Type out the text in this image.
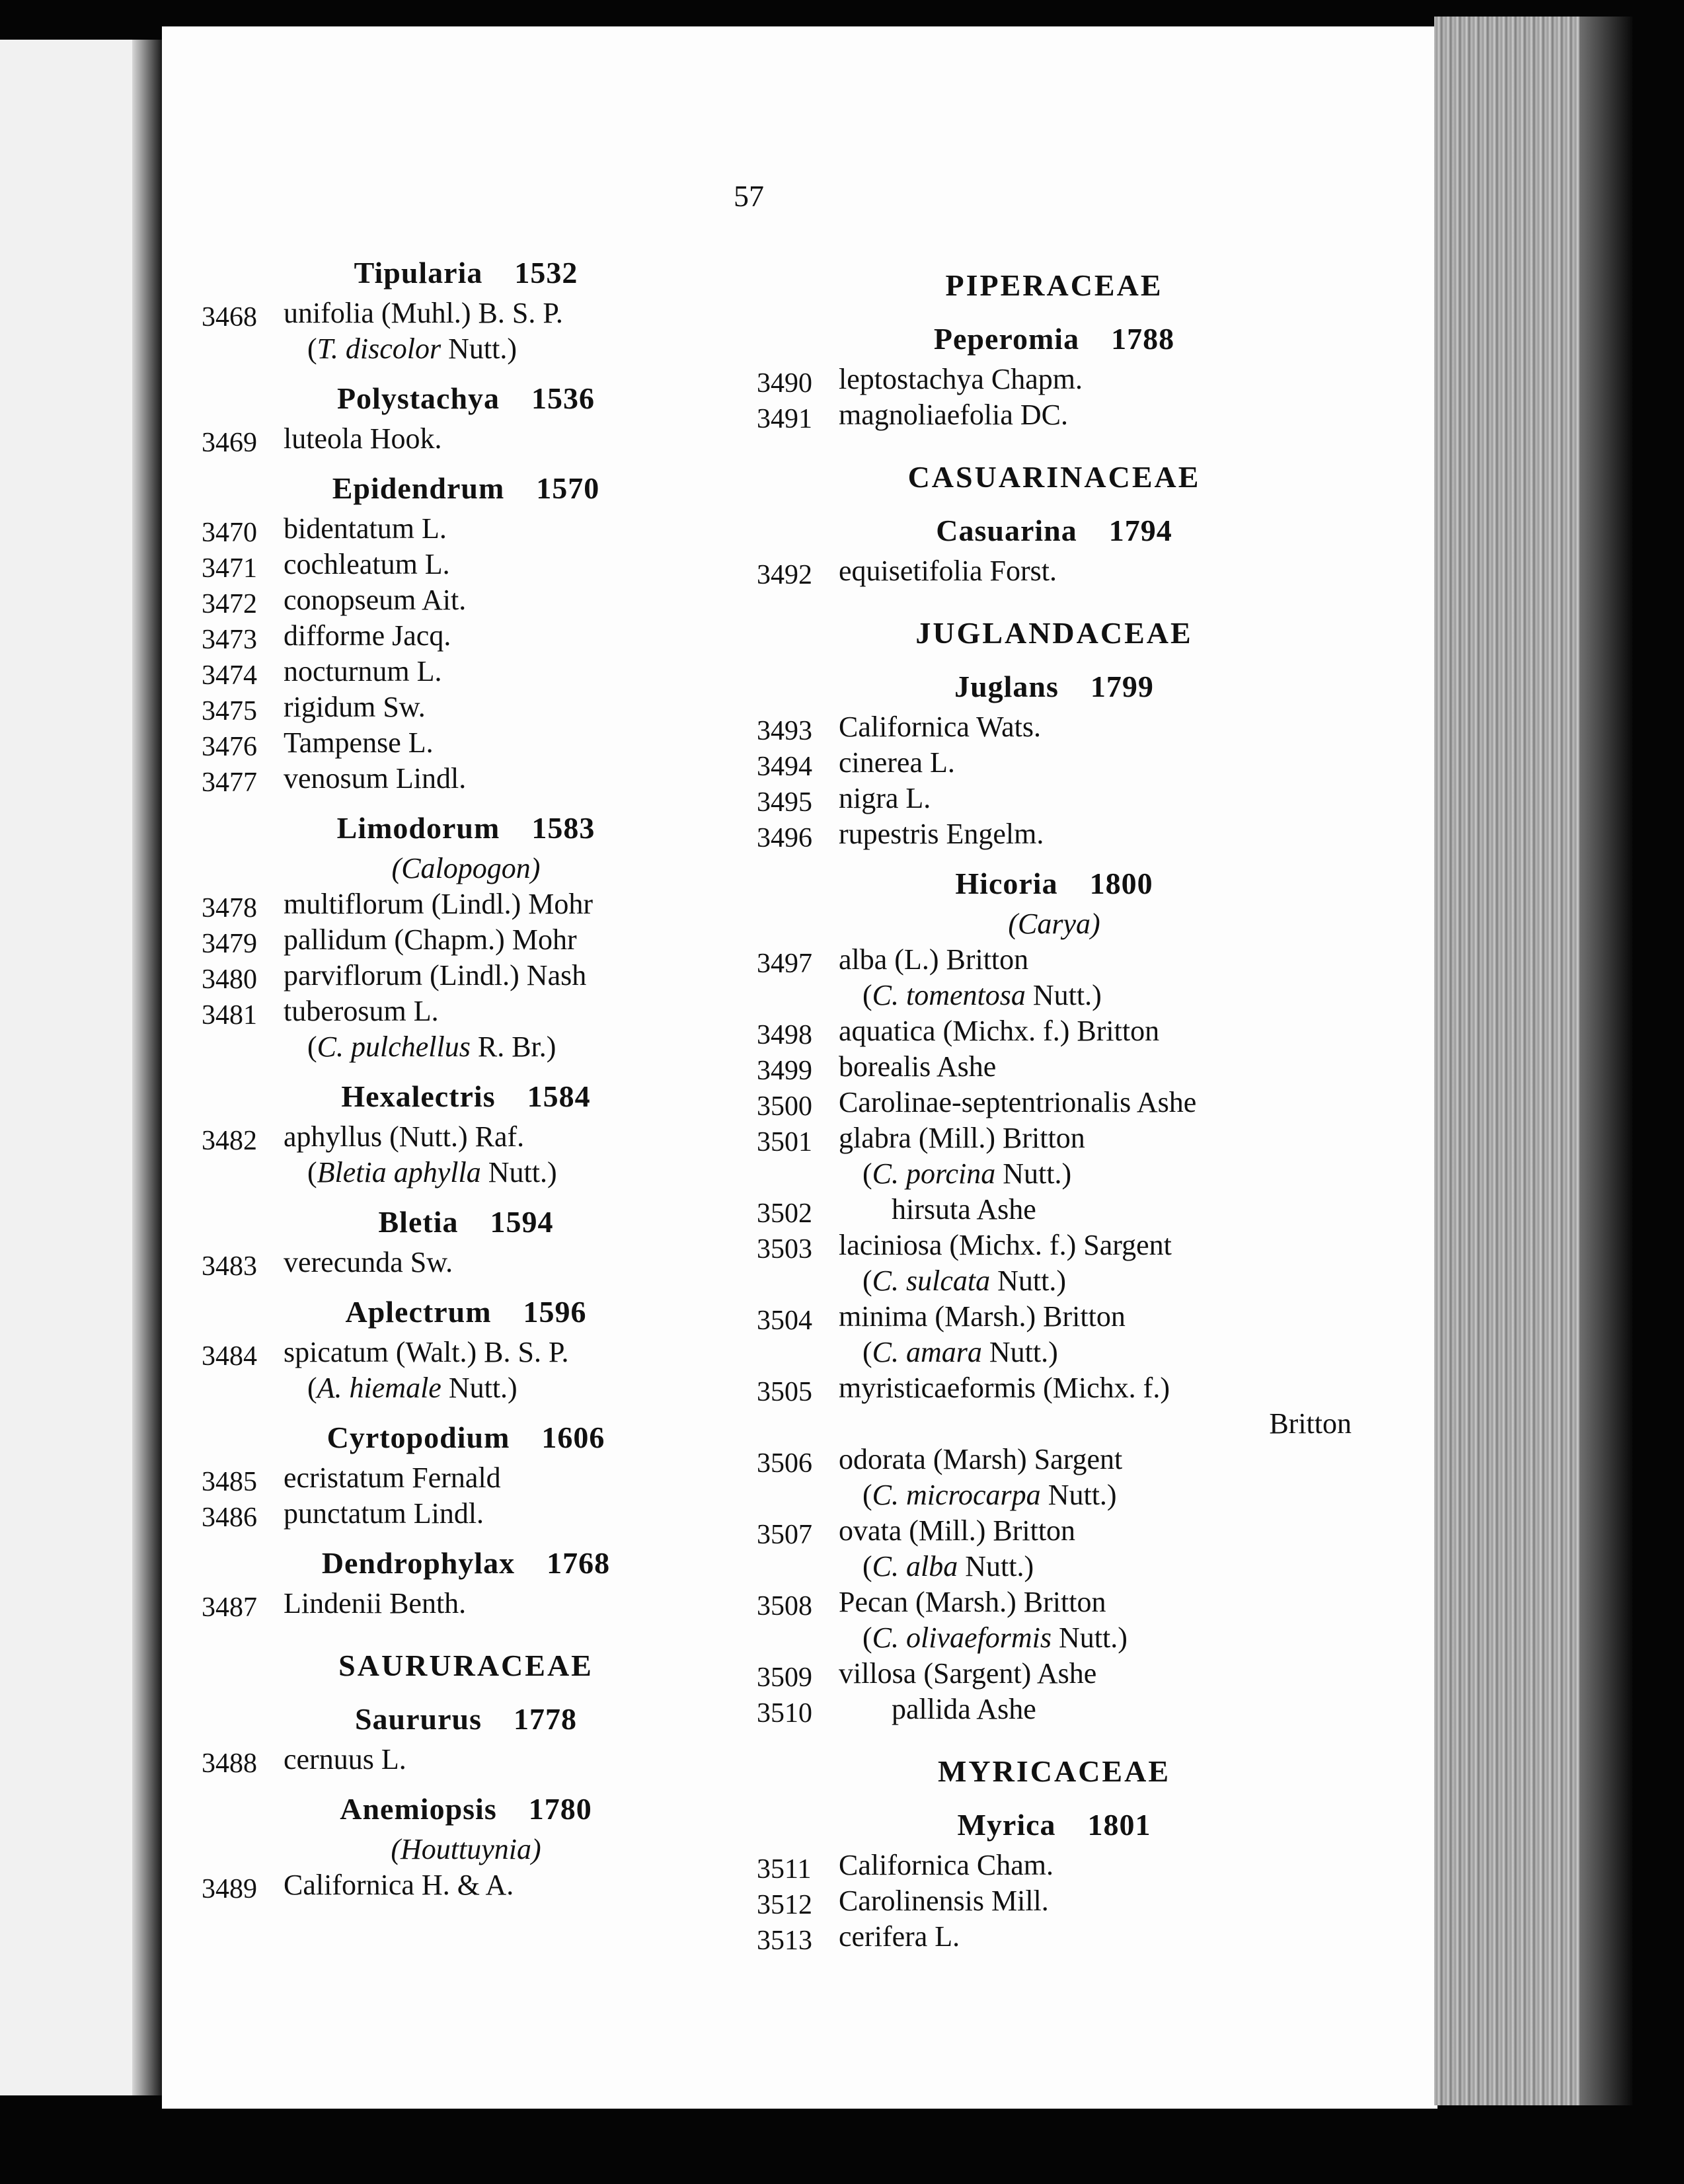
57
Tipularia 1532
3468 unifolia (Muhl.) B. S. P.
(T. discolor Nutt.)
Polystachya 1536
3469 luteola Hook.
Epidendrum 1570
3470 bidentatum L.
3471 cochleatum L.
3472 conopseum Ait.
3473 difforme Jacq.
3474 nocturnum L.
3475 rigidum Sw.
3476 Tampense L.
3477 venosum Lindl.
Limodorum 1583
(Calopogon)
3478 multiflorum (Lindl.) Mohr
3479 pallidum (Chapm.) Mohr
3480 parviflorum (Lindl.) Nash
3481 tuberosum L.
(C. pulchellus R. Br.)
Hexalectris 1584
3482 aphyllus (Nutt.) Raf.
(Bletia aphylla Nutt.)
Bletia 1594
3483 verecunda Sw.
Aplectrum 1596
3484 spicatum (Walt.) B. S. P.
(A. hiemale Nutt.)
Cyrtopodium 1606
3485 ecristatum Fernald
3486 punctatum Lindl.
Dendrophylax 1768
3487 Lindenii Benth.
SAURURACEAE
Saururus 1778
3488 cernuus L.
Anemiopsis 1780
(Houttuynia)
3489 Californica H. & A.
PIPERACEAE
Peperomia 1788
3490 leptostachya Chapm.
3491 magnoliaefolia DC.
CASUARINACEAE
Casuarina 1794
3492 equisetifolia Forst.
JUGLANDACEAE
Juglans 1799
3493 Californica Wats.
3494 cinerea L.
3495 nigra L.
3496 rupestris Engelm.
Hicoria 1800
(Carya)
3497 alba (L.) Britton
(C. tomentosa Nutt.)
3498 aquatica (Michx. f.) Britton
3499 borealis Ashe
3500 Carolinae-septentrionalis Ashe
3501 glabra (Mill.) Britton
(C. porcina Nutt.)
3502	hirsuta Ashe
3503 laciniosa (Michx. f.) Sargent
(C. sulcata Nutt.)
3504 minima (Marsh.) Britton
(C. amara Nutt.)
3505 myristicaeformis (Michx. f.)
Britton
3506 odorata (Marsh) Sargent
(C. microcarpa Nutt.)
3507 ovata (Mill.) Britton
(C. alba Nutt.)
3508 Pecan (Marsh.) Britton
(C. olivaeformis Nutt.)
3509 villosa (Sargent) Ashe
3510	pallida Ashe
MYRICACEAE
Myrica 1801
3511 Californica Cham.
3512 Carolinensis Mill.
3513 cerifera L.
